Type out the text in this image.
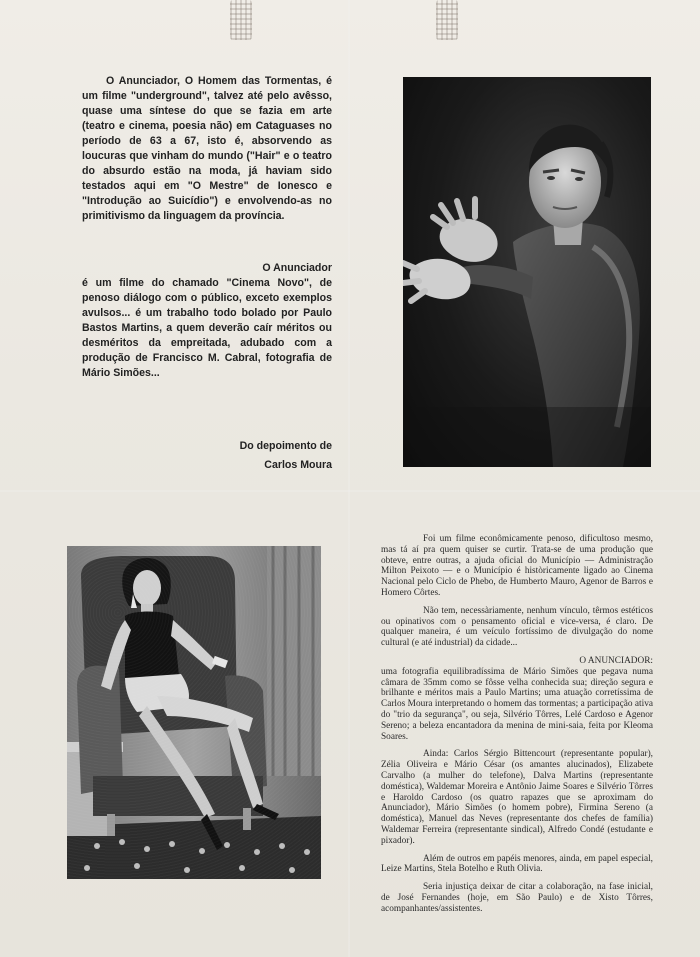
O Anunciador, O Homem das Tormentas, é um filme "underground", talvez até pelo avêsso, quase uma síntese do que se fazia em arte (teatro e cinema, poesia não) em Cataguases no período de 63 a 67, isto é, absorvendo as loucuras que vinham do mundo ("Hair" e o teatro do absurdo estão na moda, já haviam sido testados aqui em "O Mestre" de Ionesco e "Introdução ao Suicídio") e envolvendo-as no primitivismo da linguagem da província.

O Anunciador

é um filme do chamado "Cinema Novo", de penoso diálogo com o público, exceto exemplos avulsos... é um trabalho todo bolado por Paulo Bastos Martins, a quem deverão caír méritos ou desméritos da empreitada, adubado com a produção de Francisco M. Cabral, fotografia de Mário Simões...

Do depoimento de
Carlos Moura

Foi um filme econômicamente penoso, dificultoso mesmo, mas tá aí pra quem quiser se curtir. Trata-se de uma produção que obteve, entre outras, a ajuda oficial do Município — Administração Milton Peixoto — e o Município é històricamente ligado ao Cinema Nacional pelo Ciclo de Phebo, de Humberto Mauro, Agenor de Barros e Homero Côrtes.

Não tem, necessàriamente, nenhum vínculo, têrmos estéticos ou opinativos com o pensamento oficial e vice-versa, é claro. De qualquer maneira, é um veículo fortíssimo de divulgação do nome cultural (e até industrial) da cidade...

O ANUNCIADOR:

uma fotografia equilibradíssima de Mário Simões que pegava numa câmara de 35mm como se fôsse velha conhecida sua; direção segura e brilhante e méritos mais a Paulo Martins; uma atuação corretíssima de Carlos Moura interpretando o homem das tormentas; a participação ativa do "trio da segurança", ou seja, Silvério Tôrres, Lelé Cardoso e Agenor Sereno; a beleza encantadora da menina de mini-saia, feita por Kleoma Soares.

Ainda: Carlos Sérgio Bittencourt (representante popular), Zélia Oliveira e Mário César (os amantes alucinados), Elizabete Carvalho (a mulher do telefone), Dalva Martins (representante doméstica), Waldemar Moreira e Antônio Jaime Soares e Silvério Tôrres e Haroldo Cardoso (os quatro rapazes que se aproximam do Anunciador), Mário Simões (o homem pobre), Firmina Sereno (a doméstica), Manuel das Neves (representante dos chefes de família) Waldemar Ferreira (representante sindical), Alfredo Condé (estudante e pixador).

Além de outros em papéis menores, ainda, em papel especial, Leize Martins, Stela Botelho e Ruth Olivia.

Seria injustiça deixar de citar a colaboração, na fase inicial, de José Fernandes (hoje, em São Paulo) e de Xisto Tôrres, acompanhantes/assistentes.
